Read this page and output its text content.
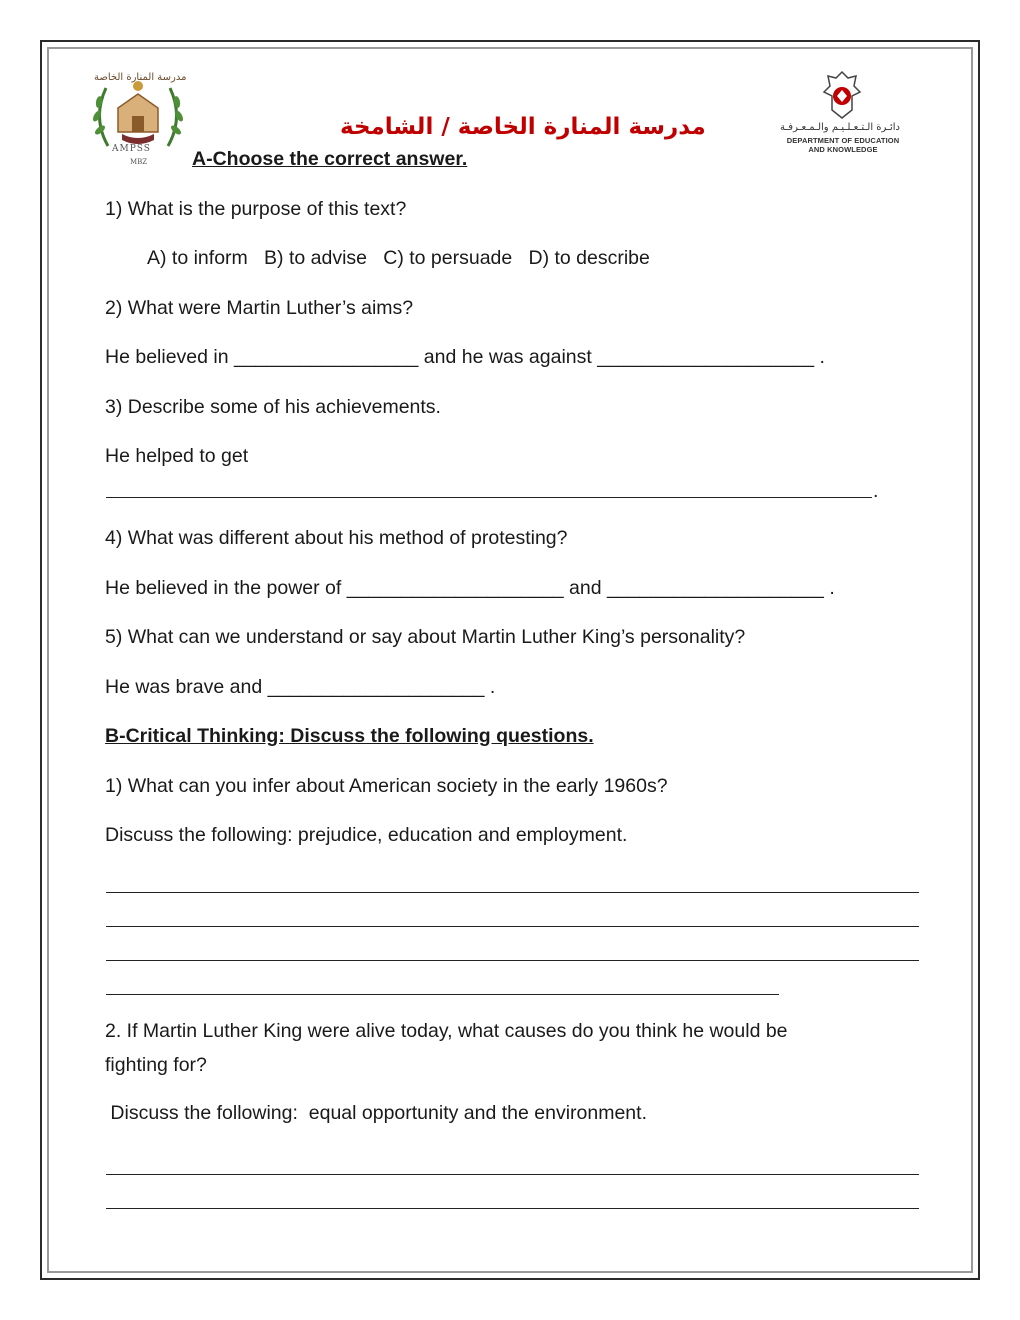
مدرسة المنارة الخاصة
AMPSS
MBZ
مدرسة المنارة الخاصة / الشامخة	دائـرة الـتـعـلـيـم والـمـعـرفـة
DEPARTMENT OF EDUCATION
AND KNOWLEDGE
A-Choose the correct answer.
1) What is the purpose of this text?
A) to inform   B) to advise   C) to persuade   D) to describe
2) What were Martin Luther’s aims?
He believed in _________________ and he was against ____________________ .
3) Describe some of his achievements.
He helped to get
.
4) What was different about his method of protesting?
He believed in the power of ____________________ and ____________________ .
5) What can we understand or say about Martin Luther King’s personality?
He was brave and ____________________ .
B-Critical Thinking: Discuss the following questions.
1) What can you infer about American society in the early 1960s?
Discuss the following: prejudice, education and employment.
2. If Martin Luther King were alive today, what causes do you think he would be
fighting for?
Discuss the following:  equal opportunity and the environment.
